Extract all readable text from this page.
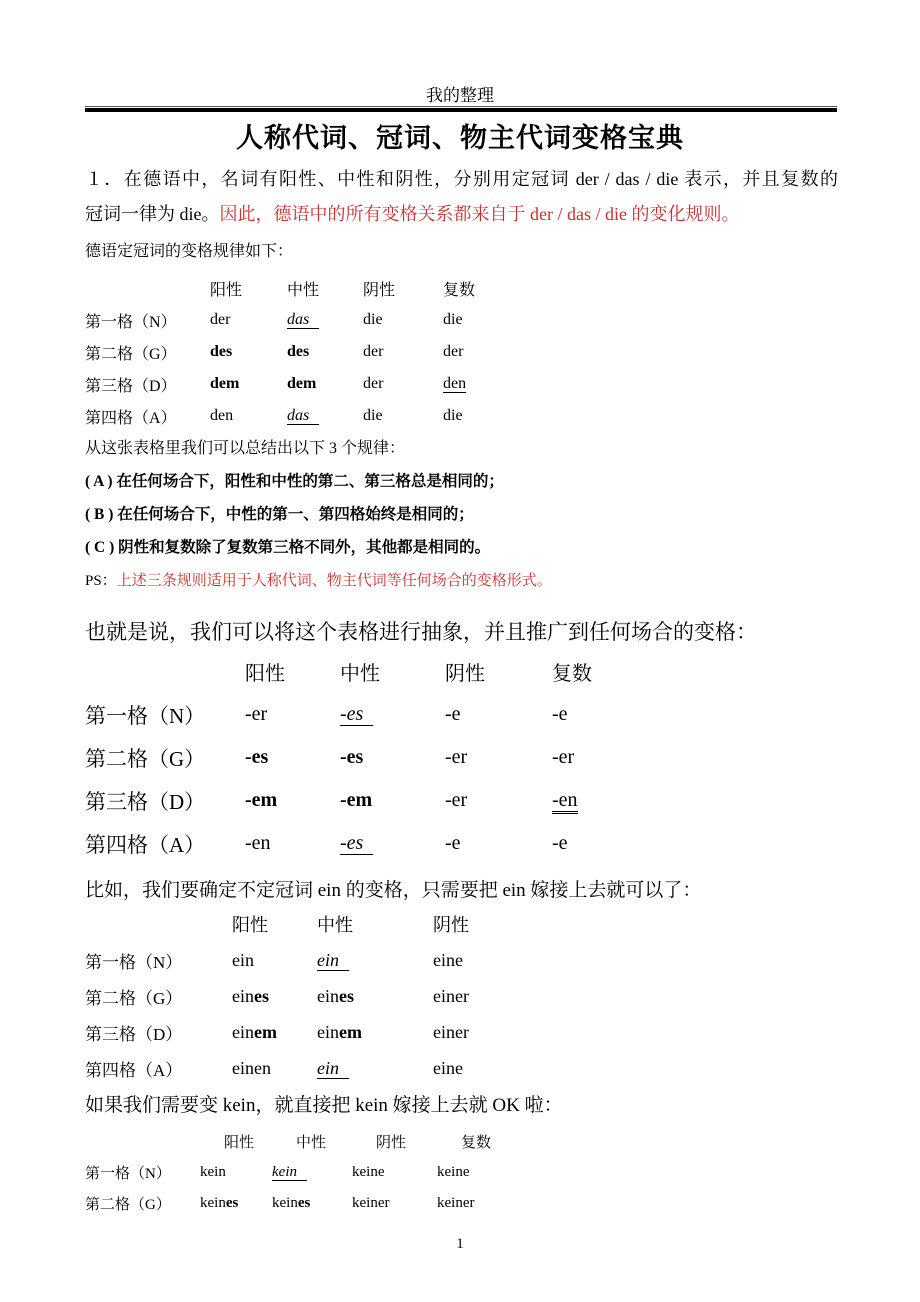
我的整理
人称代词、冠词、物主代词变格宝典
１．在德语中，名词有阳性、中性和阴性，分别用定冠词 der / das / die 表示，并且复数的
冠词一律为 die。因此，德语中的所有变格关系都来自于 der / das / die 的变化规则。
德语定冠词的变格规律如下：
阳性	中性	阴性	复数
第一格（N）	der	das	die	die
第二格（G）	des	des	der	der
第三格（D）	dem	dem	der	den
第四格（A）	den	das	die	die
从这张表格里我们可以总结出以下 3 个规律：
( A ) 在任何场合下，阳性和中性的第二、第三格总是相同的；
( B ) 在任何场合下，中性的第一、第四格始终是相同的；
( C ) 阴性和复数除了复数第三格不同外，其他都是相同的。
PS：上述三条规则适用于人称代词、物主代词等任何场合的变格形式。
也就是说，我们可以将这个表格进行抽象，并且推广到任何场合的变格：
阳性	中性	阴性	复数
第一格（N）	-er	-es	-e	-e
第二格（G）	-es	-es	-er	-er
第三格（D）	-em	-em	-er	-en
第四格（A）	-en	-es	-e	-e
比如，我们要确定不定冠词 ein 的变格，只需要把 ein 嫁接上去就可以了：
阳性	中性	阴性
第一格（N）	ein	ein	eine
第二格（G）	eines	eines	einer
第三格（D）	einem	einem	einer
第四格（A）	einen	ein	eine
如果我们需要变 kein，就直接把 kein 嫁接上去就 OK 啦：
阳性	中性	阴性	复数
第一格（N）	kein	kein	keine	keine
第二格（G）	keines	keines	keiner	keiner
1
